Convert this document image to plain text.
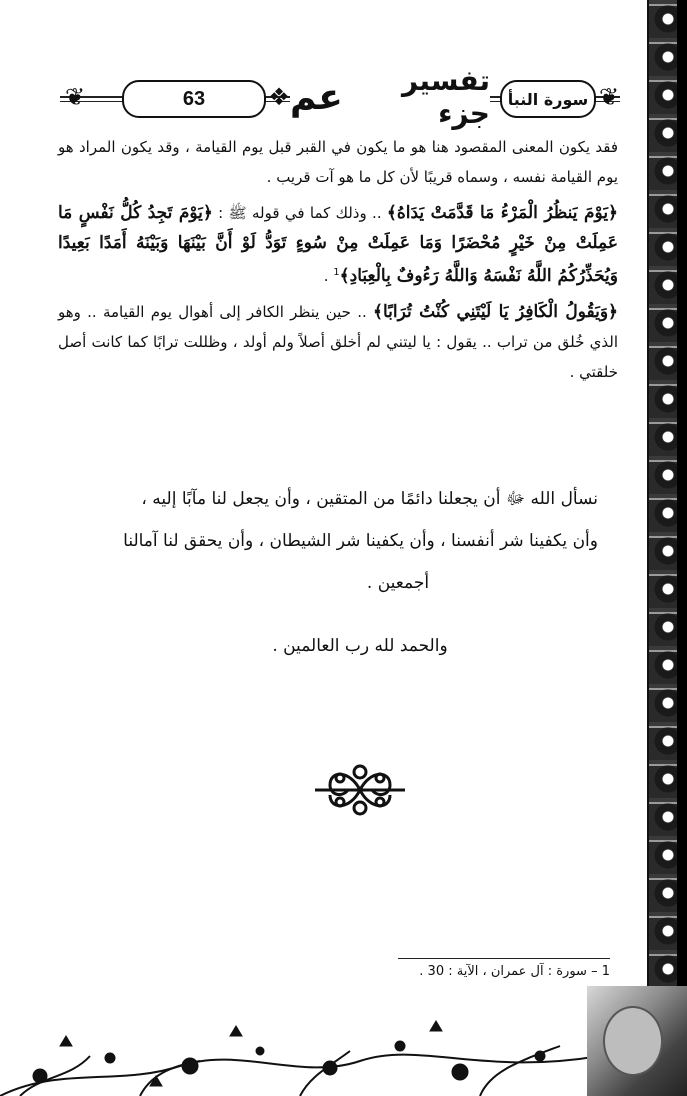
❦	63	❖	تفسير جزء
عم	سورة النبأ ❦

فقد يكون المعنى المقصود هنا هو ما يكون في القبر قبل يوم القيامة ، وقد يكون المراد هو يوم القيامة نفسه ، وسماه قريبًا لأن كل ما هو آت قريب .

﴿يَوْمَ يَنظُرُ الْمَرْءُ مَا قَدَّمَتْ يَدَاهُ﴾ .. وذلك كما في قوله ﷺ : ﴿يَوْمَ تَجِدُ كُلُّ نَفْسٍ مَا عَمِلَتْ مِنْ خَيْرٍ مُحْضَرًا وَمَا عَمِلَتْ مِنْ سُوءٍ تَوَدُّ لَوْ أَنَّ بَيْنَهَا وَبَيْنَهُ أَمَدًا بَعِيدًا وَيُحَذِّرُكُمُ اللَّهُ نَفْسَهُ وَاللَّهُ رَءُوفٌ بِالْعِبَادِ﴾$^1$ .

﴿وَيَقُولُ الْكَافِرُ يَا لَيْتَنِي كُنْتُ تُرَابًا﴾ .. حين ينظر الكافر إلى أهوال يوم القيامة .. وهو الذي خُلق من تراب .. يقول : يا ليتني لم أخلق أصلاً ولم أولد ، وظللت ترابًا كما كانت أصل خلقتي .

نسأل الله ﷻ أن يجعلنا دائمًا من المتقين ، وأن يجعل لنا مآبًا إليه ،

وأن يكفينا شر أنفسنا ، وأن يكفينا شر الشيطان ، وأن يحقق لنا آمالنا

أجمعين .

والحمد لله رب العالمين .
1 – سورة : آل عمران ، الآية : 30 .
